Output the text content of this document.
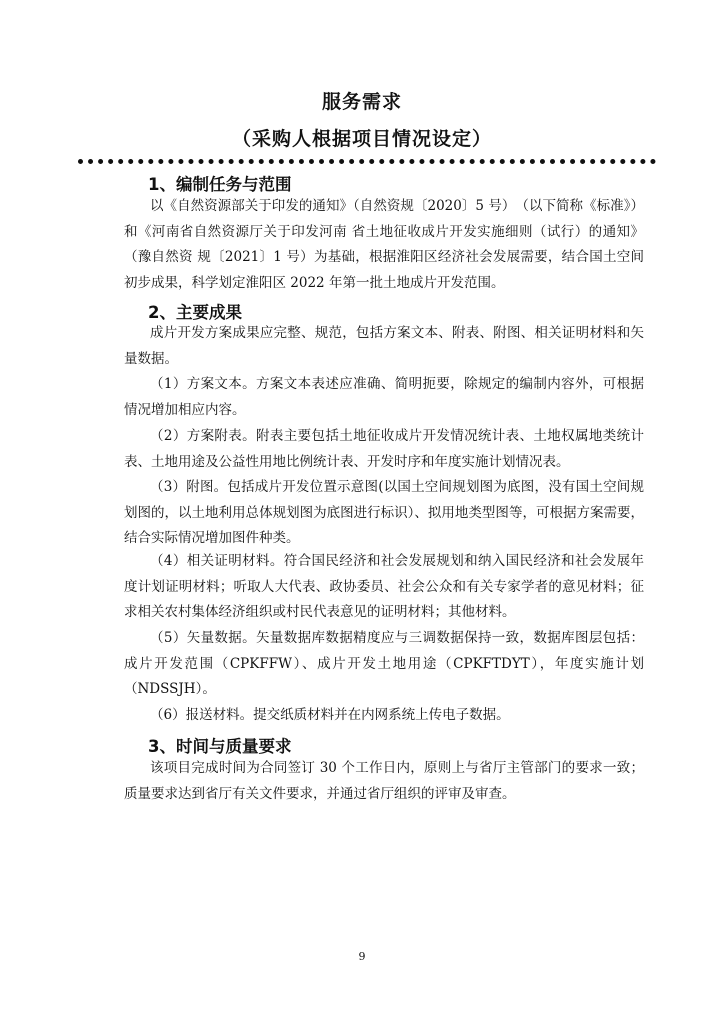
服务需求
（采购人根据项目情况设定）
1、编制任务与范围
以《自然资源部关于印发的通知》（自然资规〔2020〕5 号）　（以下简称《标准》）和《河南省自然资源厅关于印发河南 省土地征收成片开发实施细则（试行）的通知》（豫自然资 规〔2021〕1 号）为基础，根据淮阳区经济社会发展需要，结合国土空间初步成果，科学划定淮阳区 2022 年第一批土地成片开发范围。
2、主要成果
成片开发方案成果应完整、规范，包括方案文本、附表、附图、相关证明材料和矢量数据。
（1）方案文本。方案文本表述应准确、简明扼要，除规定的编制内容外，可根据情况增加相应内容。
（2）方案附表。附表主要包括土地征收成片开发情况统计表、土地权属地类统计表、土地用途及公益性用地比例统计表、开发时序和年度实施计划情况表。
（3）附图。包括成片开发位置示意图(以国土空间规划图为底图，没有国土空间规划图的，以土地利用总体规划图为底图进行标识）、拟用地类型图等，可根据方案需要，结合实际情况增加图件种类。
（4）相关证明材料。符合国民经济和社会发展规划和纳入国民经济和社会发展年度计划证明材料；听取人大代表、政协委员、社会公众和有关专家学者的意见材料；征求相关农村集体经济组织或村民代表意见的证明材料；其他材料。
（5）矢量数据。矢量数据库数据精度应与三调数据保持一致，数据库图层包括：成片开发范围（CPKFFW）、成片开发土地用途（CPKFTDYT），年度实施计划（NDSSJH）。
（6）报送材料。提交纸质材料并在内网系统上传电子数据。
3、时间与质量要求
该项目完成时间为合同签订 30 个工作日内，原则上与省厅主管部门的要求一致；质量要求达到省厅有关文件要求，并通过省厅组织的评审及审查。
9
